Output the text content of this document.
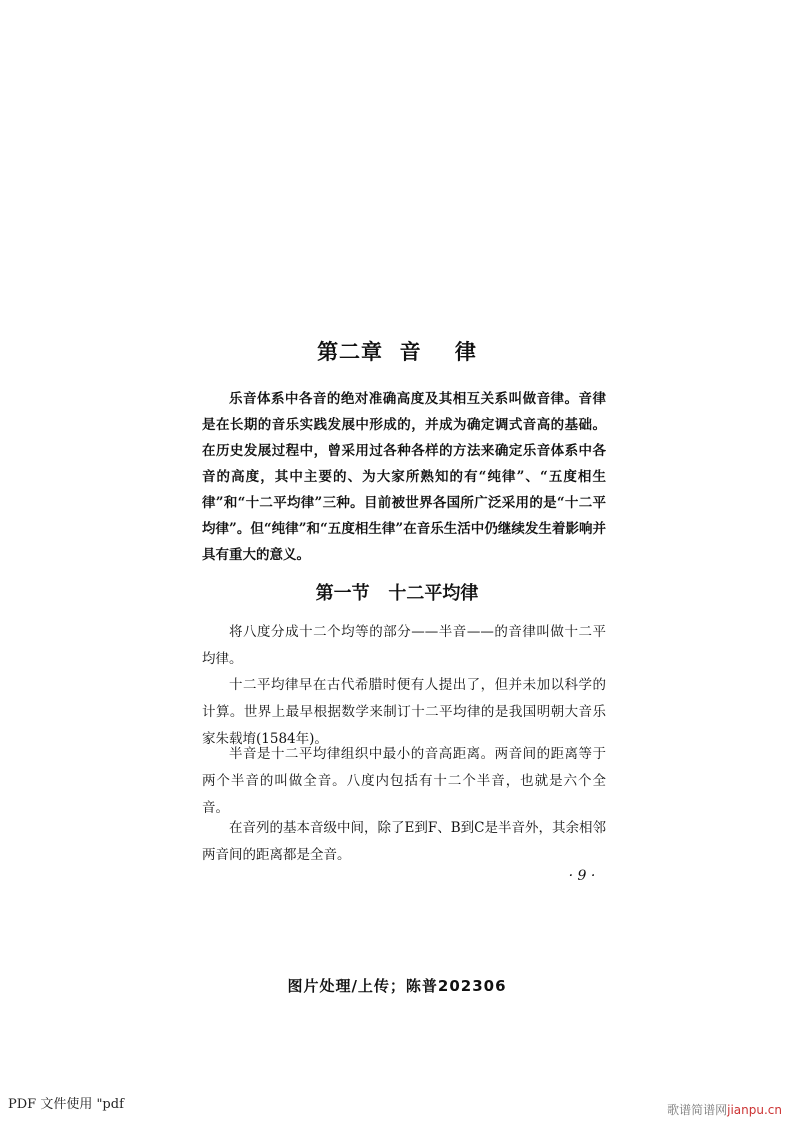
第二章  音    律

乐音体系中各音的绝对准确高度及其相互关系叫做音律。音律是在长期的音乐实践发展中形成的，并成为确定调式音高的基础。在历史发展过程中，曾采用过各种各样的方法来确定乐音体系中各音的高度，其中主要的、为大家所熟知的有“纯律”、“五度相生律”和“十二平均律”三种。目前被世界各国所广泛采用的是“十二平均律”。但“纯律”和“五度相生律”在音乐生活中仍继续发生着影响并具有重大的意义。

第一节   十二平均律

将八度分成十二个均等的部分——半音——的音律叫做十二平均律。

十二平均律早在古代希腊时便有人提出了，但并未加以科学的计算。世界上最早根据数学来制订十二平均律的是我国明朝大音乐家朱载堉(1584年)。

半音是十二平均律组织中最小的音高距离。两音间的距离等于两个半音的叫做全音。八度内包括有十二个半音，也就是六个全音。

在音列的基本音级中间，除了E到F、B到C是半音外，其余相邻两音间的距离都是全音。

· 9 ·
图片处理/上传；陈普202306
PDF 文件使用 "pdf	歌谱简谱网jianpu.cn
